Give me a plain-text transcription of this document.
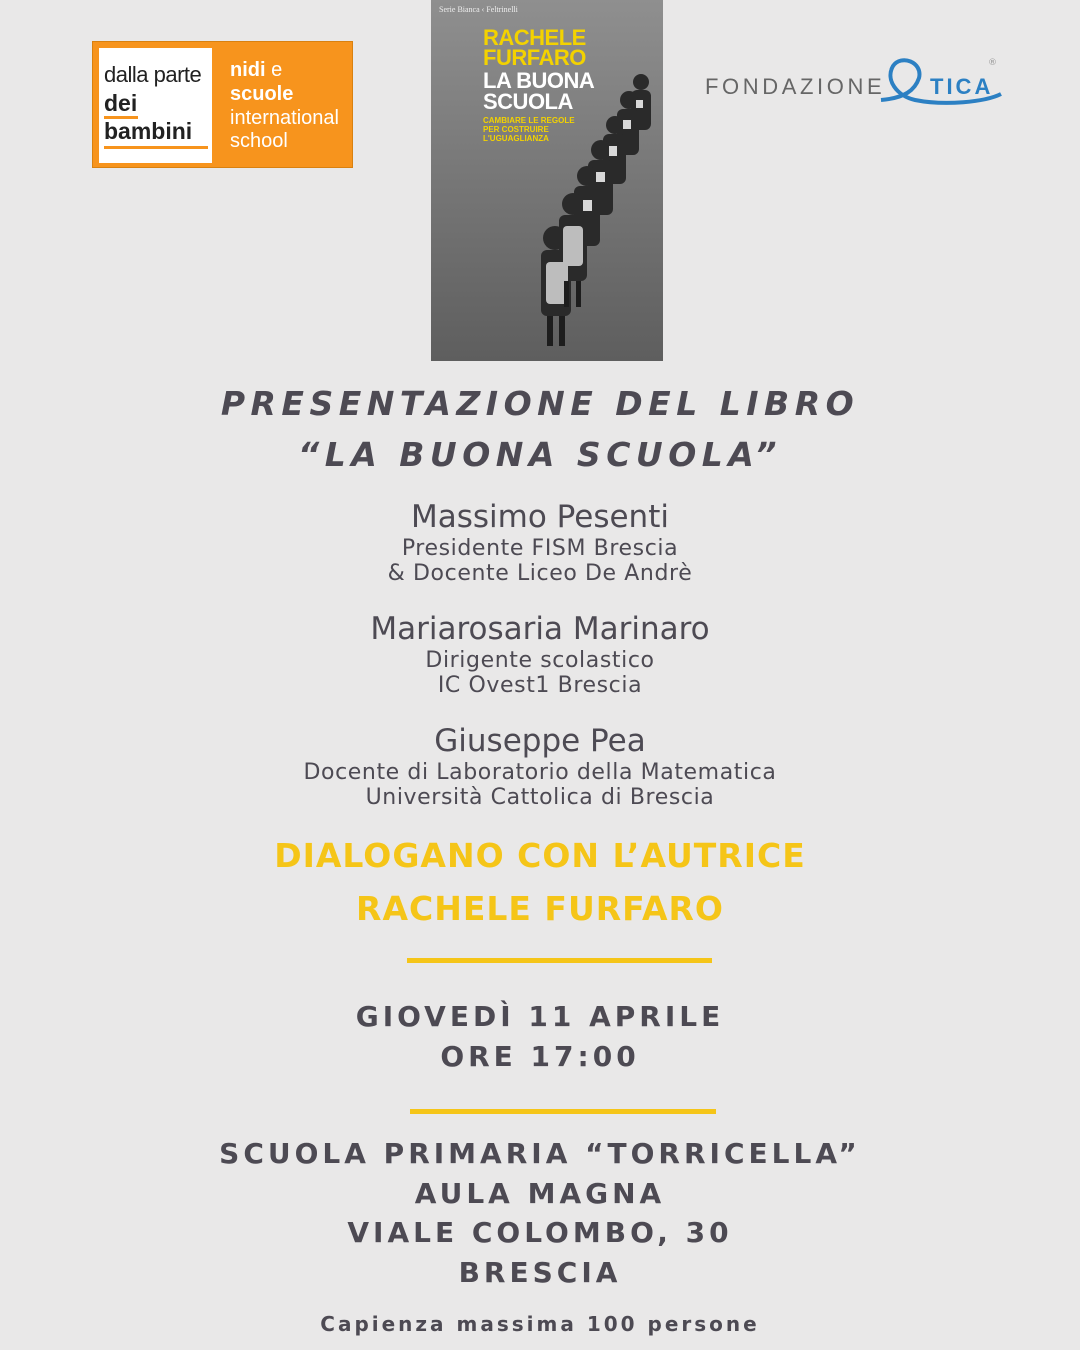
dalla parte
dei
bambini
nidi e
scuole
international
school
Serie Bianca ‹ Feltrinelli
RACHELE
FURFARO
LA BUONA
SCUOLA
CAMBIARE LE REGOLE
PER COSTRUIRE
L'UGUAGLIANZA
FONDAZIONE TICA
®
PRESENTAZIONE DEL LIBRO
“LA BUONA SCUOLA”
Massimo Pesenti
Presidente FISM Brescia
& Docente Liceo De Andrè
Mariarosaria Marinaro
Dirigente scolastico
IC Ovest1 Brescia
Giuseppe Pea
Docente di Laboratorio della Matematica
Università Cattolica di Brescia
DIALOGANO CON L’AUTRICE
RACHELE FURFARO
GIOVEDÌ 11 APRILE
ORE 17:00
SCUOLA PRIMARIA “TORRICELLA”
AULA MAGNA
VIALE COLOMBO, 30
BRESCIA
Capienza massima 100 persone
